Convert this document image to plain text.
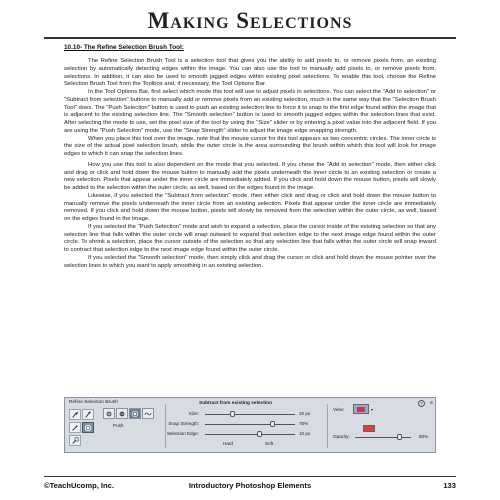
Making Selections
10.10- The Refine Selection Brush Tool:

The Refine Selection Brush Tool is a selection tool that gives you the ability to add pixels to, or remove pixels from, an existing selection by automatically detecting edges within the image. You can also use the tool to manually add pixels to, or remove pixels from, selections. In addition, it can also be used to smooth jagged edges within existing pixel selections. To enable this tool, choose the Refine Selection Brush Tool from the Toolbox and, if necessary, the Tool Options Bar.

In the Tool Options Bar, first select which mode this tool will use to adjust pixels in selections. You can select the "Add to selection" or "Subtract from selection" buttons to manually add or remove pixels from an existing selection, much in the same way that the "Selection Brush Tool" does. The "Push Selection" button is used to push an existing selection line to force it to snap to the first edge found within the image that is adjacent to the existing selection line. The "Smooth selection" button is used to smooth jagged edges within the selection lines that exist. After selecting the mode to use, set the pixel size of the tool by using the "Size" slider or by entering a pixel value into the adjacent field. If you are using the "Push Selection" mode, use the "Snap Strength" slider to adjust the image edge snapping strength.

When you place this tool over the image, note that the mouse cursor for this tool appears as two concentric circles. The inner circle is the size of the actual pixel selection brush, while the outer circle is the area surrounding the brush within which this tool will look for image edges to which it can snap the selection lines.

How you use this tool is also dependent on the mode that you selected. If you chose the "Add to selection" mode, then either click and drag or click and hold down the mouse button to manually add the pixels underneath the inner circle to an existing selection or create a new selection. Pixels that appear under the inner circle are immediately added. If you click and hold down the mouse button, pixels will slowly be added to the selection within the outer circle, as well, based on the edges found in the image.

Likewise, if you selected the "Subtract from selection" mode, then either click and drag or click and hold down the mouse button to manually remove the pixels underneath the inner circle from an existing selection. Pixels that appear under the inner circle are immediately removed. If you click and hold down the mouse button, pixels will slowly be removed from the selection within the outer circle, as well, based on the edges found in the image.

If you selected the "Push Selection" mode and wish to expand a selection, place the cursor inside of the existing selection so that any selection line that falls within the outer circle will snap outward to expand that selection edge to the next image edge found within the outer circle. To shrink a selection, place the cursor outside of the selection so that any selection line that falls within the outer circle will snap inward to contract that selection edge to the next image edge found within the outer circle.

If you selected the "Smooth selection" mode, then simply click and drag the cursor or click and hold down the mouse pointer over the selection lines to which you want to apply smoothing in an existing selection.

Refine Selection Brush	?	≡
Push
Subtract from existing selection
Size:	32 px
Snap Strength:	75%
Selection Edge:	10 px
Hard	Soft
View:	▾
Opacity:	80%
©TeachUcomp, Inc.	Introductory Photoshop Elements	133
